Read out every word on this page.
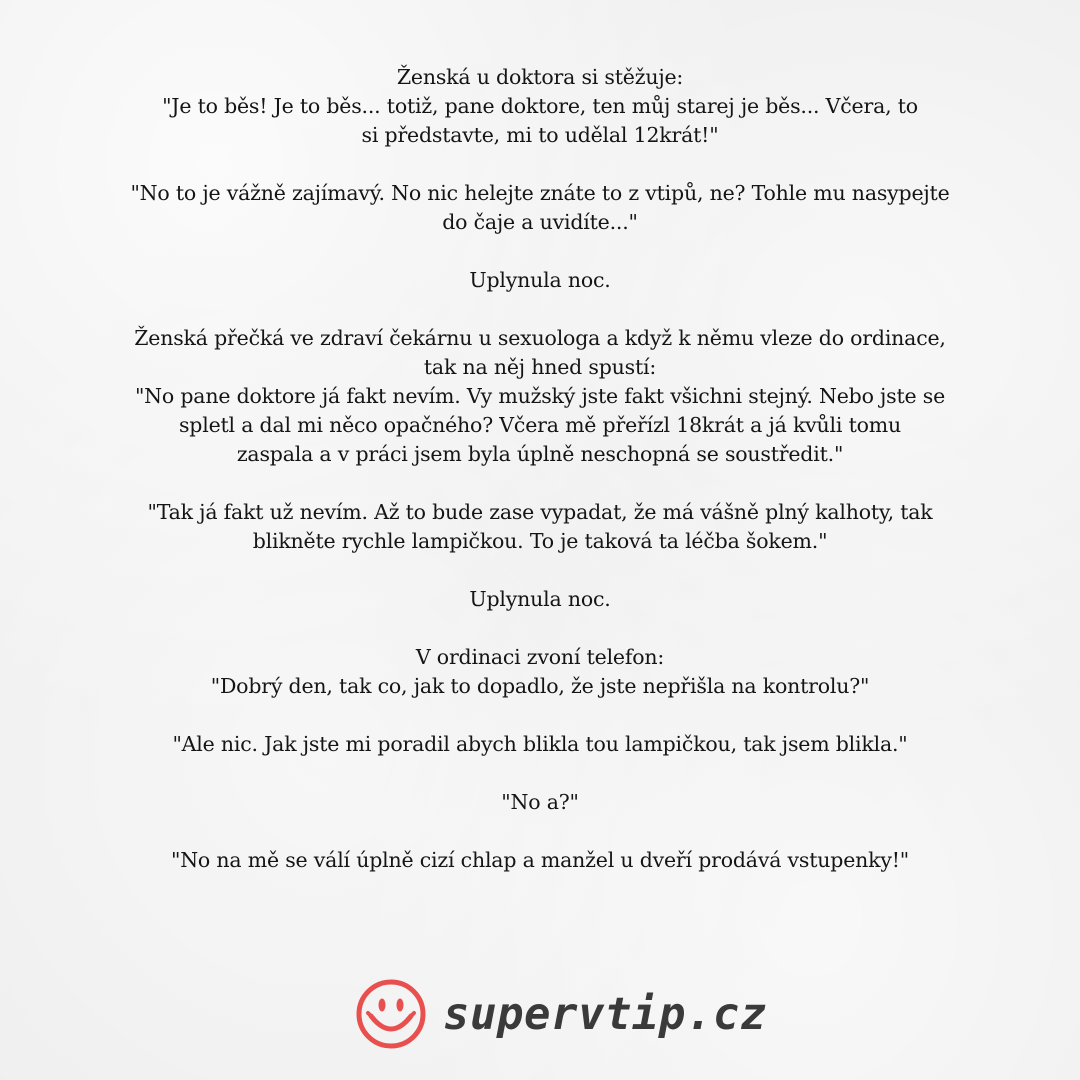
Ženská u doktora si stěžuje:
"Je to běs! Je to běs... totiž, pane doktore, ten můj starej je běs... Včera, to
si představte, mi to udělal 12krát!"
"No to je vážně zajímavý. No nic helejte znáte to z vtipů, ne? Tohle mu nasypejte
do čaje a uvidíte..."
Uplynula noc.
Ženská přečká ve zdraví čekárnu u sexuologa a když k němu vleze do ordinace,
tak na něj hned spustí:
"No pane doktore já fakt nevím. Vy mužský jste fakt všichni stejný. Nebo jste se
spletl a dal mi něco opačného? Včera mě přeřízl 18krát a já kvůli tomu
zaspala a v práci jsem byla úplně neschopná se soustředit."
"Tak já fakt už nevím. Až to bude zase vypadat, že má vášně plný kalhoty, tak
blikněte rychle lampičkou. To je taková ta léčba šokem."
Uplynula noc.
V ordinaci zvoní telefon:
"Dobrý den, tak co, jak to dopadlo, že jste nepřišla na kontrolu?"
"Ale nic. Jak jste mi poradil abych blikla tou lampičkou, tak jsem blikla."
"No a?"
"No na mě se válí úplně cizí chlap a manžel u dveří prodává vstupenky!"
supervtip.cz
